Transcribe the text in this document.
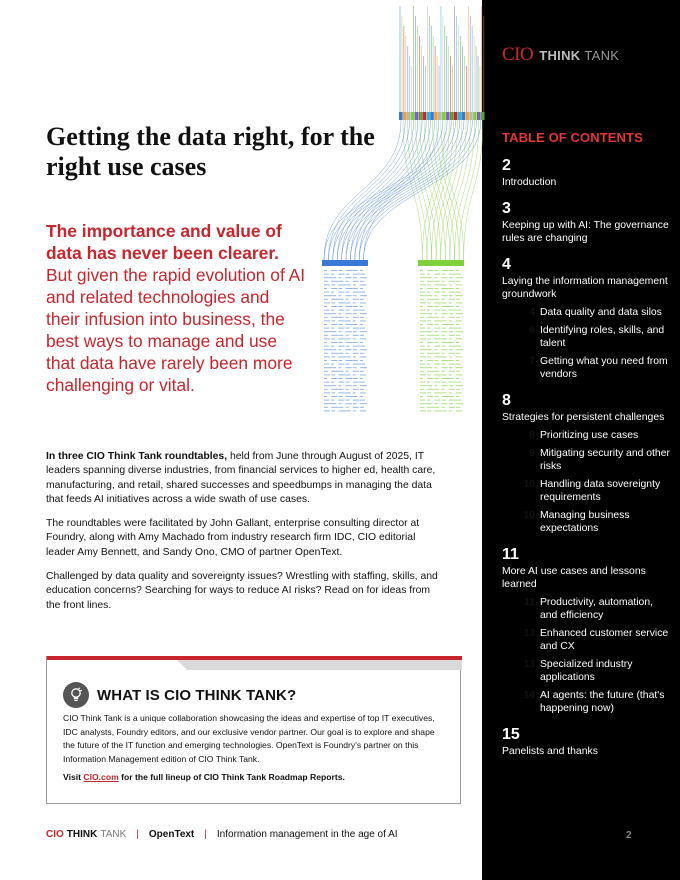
CIO THINK TANK
Getting the data right, for the right use cases
The importance and value of data has never been clearer. But given the rapid evolution of AI and related technologies and their infusion into business, the best ways to manage and use that data have rarely been more challenging or vital.

In three CIO Think Tank roundtables, held from June through August of 2025, IT leaders spanning diverse industries, from financial services to higher ed, health care, manufacturing, and retail, shared successes and speedbumps in managing the data that feeds AI initiatives across a wide swath of use cases.

The roundtables were facilitated by John Gallant, enterprise consulting director at Foundry, along with Amy Machado from industry research firm IDC, CIO editorial leader Amy Bennett, and Sandy Ono, CMO of partner OpenText.

Challenged by data quality and sovereignty issues? Wrestling with staffing, skills, and education concerns? Searching for ways to reduce AI risks? Read on for ideas from the front lines.

WHAT IS CIO THINK TANK?
CIO Think Tank is a unique collaboration showcasing the ideas and expertise of top IT executives, IDC analysts, Foundry editors, and our exclusive vendor partner. Our goal is to explore and shape the future of the IT function and emerging technologies. OpenText is Foundry's partner on this Information Management edition of CIO Think Tank.
Visit CIO.com for the full lineup of CIO Think Tank Roadmap Reports.
TABLE OF CONTENTS
2
Introduction
3
Keeping up with AI: The governance rules are changing
4
Laying the information management groundwork
4 Data quality and data silos
6 Identifying roles, skills, and talent
7 Getting what you need from vendors
8
Strategies for persistent challenges
8 Prioritizing use cases
9 Mitigating security and other risks
10 Handling data sovereignty requirements
10 Managing business expectations
11
More AI use cases and lessons learned
11 Productivity, automation, and efficiency
13 Enhanced customer service and CX
13 Specialized industry applications
14 AI agents: the future (that's happening now)
15
Panelists and thanks
CIO THINK TANK | OpenText | Information management in the age of AI	2
